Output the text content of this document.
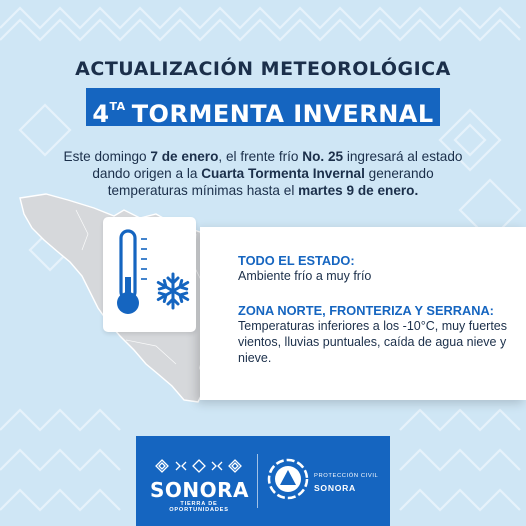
ACTUALIZACIÓN METEOROLÓGICA
$4^{TA}$ TORMENTA INVERNAL
Este domingo 7 de enero, el frente frío No. 25 ingresará al estado dando origen a la Cuarta Tormenta Invernal generando temperaturas mínimas hasta el martes 9 de enero.
TODO EL ESTADO:
Ambiente frío a muy frío
ZONA NORTE, FRONTERIZA Y SERRANA:
Temperaturas inferiores a los -10°C, muy fuertes vientos, lluvias puntuales, caída de agua nieve y nieve.
SONORA
TIERRA DE OPORTUNIDADES
PROTECCIÓN CIVIL
SONORA
